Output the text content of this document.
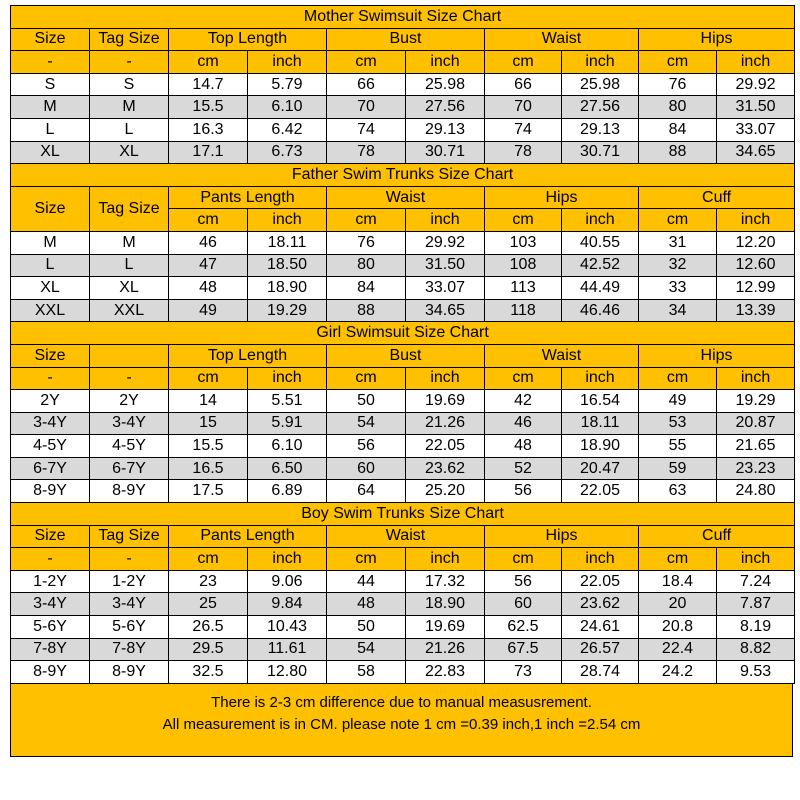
Mother Swimsuit Size Chart									
Size	Tag Size	Top Length		Bust		Waist		Hips	
-	-	cm	inch	cm	inch	cm	inch	cm	inch
S	S	14.7	5.79	66	25.98	66	25.98	76	29.92
M	M	15.5	6.10	70	27.56	70	27.56	80	31.50
L	L	16.3	6.42	74	29.13	74	29.13	84	33.07
XL	XL	17.1	6.73	78	30.71	78	30.71	88	34.65
Father Swim Trunks Size Chart									
Size	Tag Size	Pants Length		Waist		Hips		Cuff	
		cm	inch	cm	inch	cm	inch	cm	inch
M	M	46	18.11	76	29.92	103	40.55	31	12.20
L	L	47	18.50	80	31.50	108	42.52	32	12.60
XL	XL	48	18.90	84	33.07	113	44.49	33	12.99
XXL	XXL	49	19.29	88	34.65	118	46.46	34	13.39
Girl Swimsuit Size Chart									
Size		Top Length		Bust		Waist		Hips	
-	-	cm	inch	cm	inch	cm	inch	cm	inch
2Y	2Y	14	5.51	50	19.69	42	16.54	49	19.29
3-4Y	3-4Y	15	5.91	54	21.26	46	18.11	53	20.87
4-5Y	4-5Y	15.5	6.10	56	22.05	48	18.90	55	21.65
6-7Y	6-7Y	16.5	6.50	60	23.62	52	20.47	59	23.23
8-9Y	8-9Y	17.5	6.89	64	25.20	56	22.05	63	24.80
Boy Swim Trunks Size Chart									
Size	Tag Size	Pants Length		Waist		Hips		Cuff	
-	-	cm	inch	cm	inch	cm	inch	cm	inch
1-2Y	1-2Y	23	9.06	44	17.32	56	22.05	18.4	7.24
3-4Y	3-4Y	25	9.84	48	18.90	60	23.62	20	7.87
5-6Y	5-6Y	26.5	10.43	50	19.69	62.5	24.61	20.8	8.19
7-8Y	7-8Y	29.5	11.61	54	21.26	67.5	26.57	22.4	8.82
8-9Y	8-9Y	32.5	12.80	58	22.83	73	28.74	24.2	9.53
There is 2-3 cm difference due to manual measusrement.
All measurement is in CM. please note 1 cm =0.39 inch,1 inch =2.54 cm
